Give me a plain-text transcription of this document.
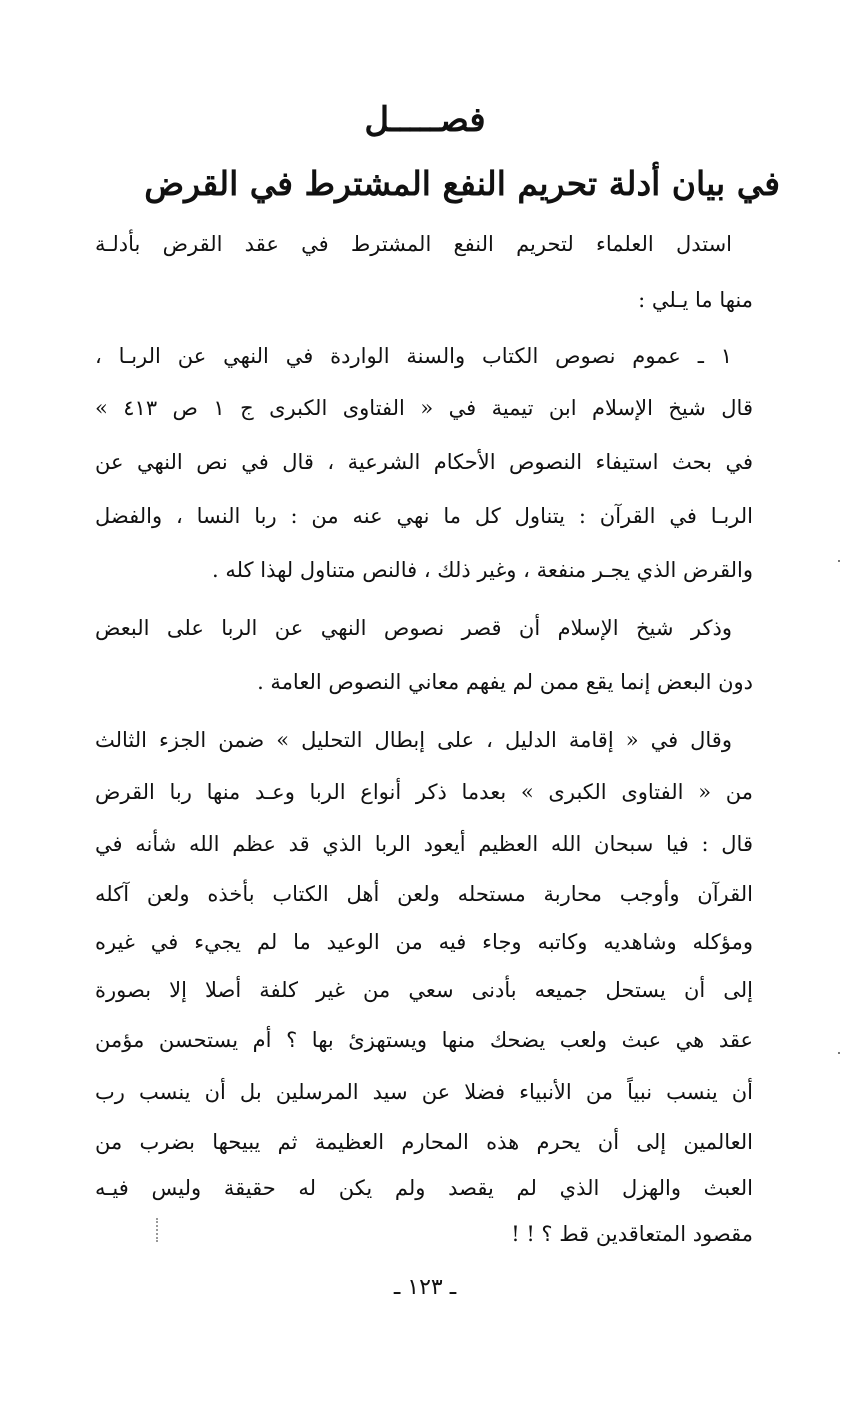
فصـــــل
في بيان أدلة تحريم النفع المشترط في القرض

استدل العلماء لتحريم النفع المشترط في عقد القرض بأدلـة

منها ما يـلي :

١ ـ عموم نصوص الكتاب والسنة الواردة في النهي عن الربـا ،

قال شيخ الإسلام ابن تيمية في « الفتاوى الكبرى ج ١ ص ٤١٣ »

في بحث استيفاء النصوص الأحكام الشرعية ، قال في نص النهي عن

الربـا في القرآن : يتناول كل ما نهي عنه من : ربا النسا ، والفضل

والقرض الذي يجـر منفعة ، وغير ذلك ، فالنص متناول لهذا كله .

وذكر شيخ الإسلام أن قصر نصوص النهي عن الربا على البعض

دون البعض إنما يقع ممن لم يفهم معاني النصوص العامة .

وقال في « إقامة الدليل ، على إبطال التحليل » ضمن الجزء الثالث

من « الفتاوى الكبرى » بعدما ذكر أنواع الربا وعـد منها ربا القرض

قال : فيا سبحان الله العظيم أيعود الربا الذي قد عظم الله شأنه في

القرآن وأوجب محاربة مستحله ولعن أهل الكتاب بأخذه ولعن آكله

ومؤكله وشاهديه وكاتبه وجاء فيه من الوعيد ما لم يجيء في غيره

إلى أن يستحل جميعه بأدنى سعي من غير كلفة أصلا إلا بصورة

عقد هي عبث ولعب يضحك منها ويستهزئ بها ؟ أم يستحسن مؤمن

أن ينسب نبياً من الأنبياء فضلا عن سيد المرسلين بل أن ينسب رب

العالمين إلى أن يحرم هذه المحارم العظيمة ثم يبيحها بضرب من

العبث والهزل الذي لم يقصد ولم يكن له حقيقة وليس فيـه

مقصود المتعاقدين قط ؟ ! !

ـ ١٢٣ ـ
